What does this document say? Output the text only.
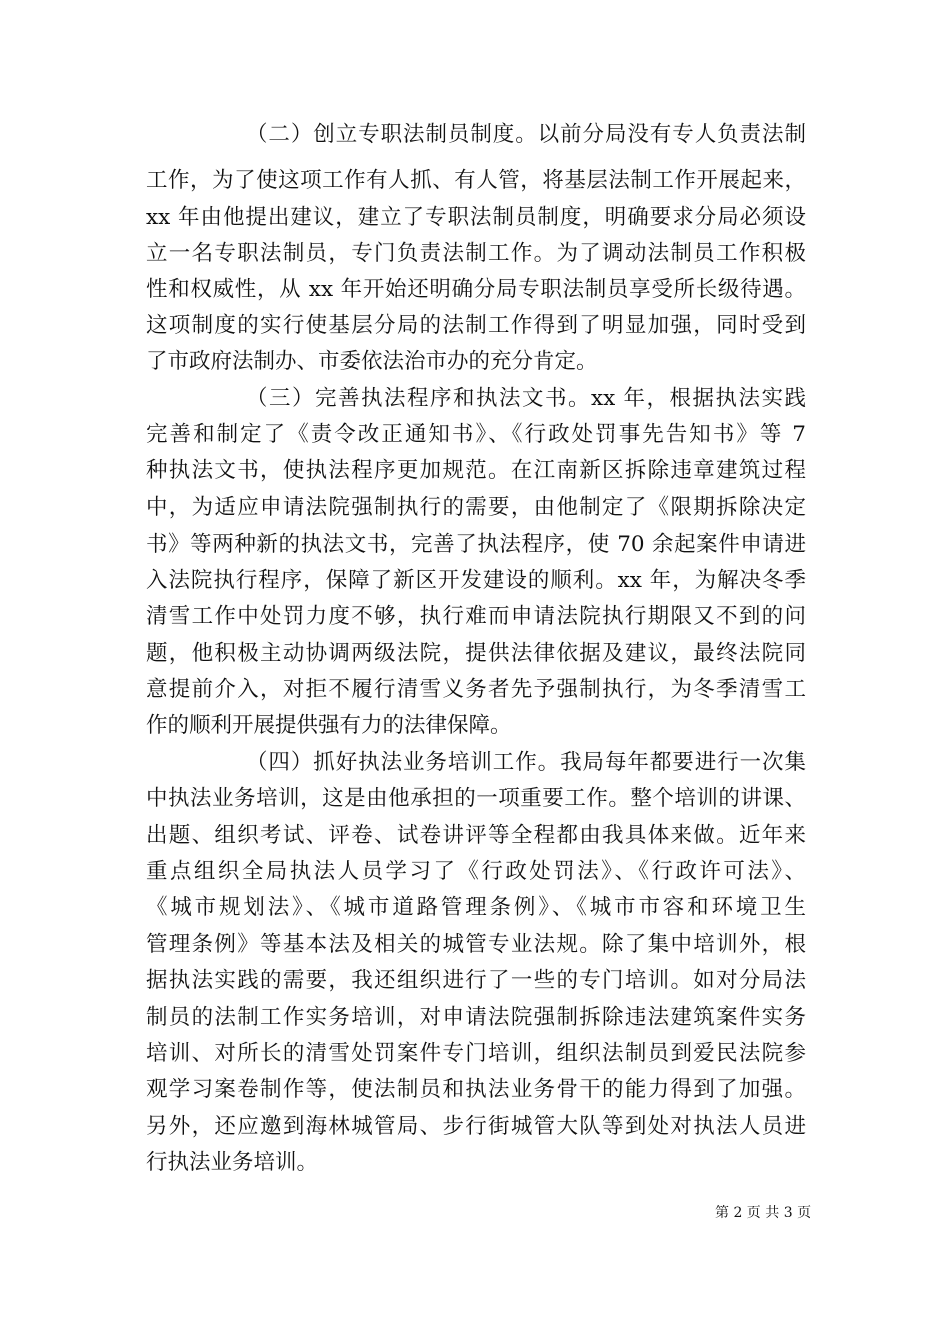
（二）创立专职法制员制度。以前分局没有专人负责法制
工作，为了使这项工作有人抓、有人管，将基层法制工作开展起来，
xx 年由他提出建议，建立了专职法制员制度，明确要求分局必须设
立一名专职法制员，专门负责法制工作。为了调动法制员工作积极
性和权威性，从 xx 年开始还明确分局专职法制员享受所长级待遇。
这项制度的实行使基层分局的法制工作得到了明显加强，同时受到
了市政府法制办、市委依法治市办的充分肯定。
（三）完善执法程序和执法文书。xx 年，根据执法实践
完善和制定了《责令改正通知书》、《行政处罚事先告知书》等 7
种执法文书，使执法程序更加规范。在江南新区拆除违章建筑过程
中，为适应申请法院强制执行的需要，由他制定了《限期拆除决定
书》等两种新的执法文书，完善了执法程序，使 70 余起案件申请进
入法院执行程序，保障了新区开发建设的顺利。xx 年，为解决冬季
清雪工作中处罚力度不够，执行难而申请法院执行期限又不到的问
题，他积极主动协调两级法院，提供法律依据及建议，最终法院同
意提前介入，对拒不履行清雪义务者先予强制执行，为冬季清雪工
作的顺利开展提供强有力的法律保障。
（四）抓好执法业务培训工作。我局每年都要进行一次集
中执法业务培训，这是由他承担的一项重要工作。整个培训的讲课、
出题、组织考试、评卷、试卷讲评等全程都由我具体来做。近年来
重点组织全局执法人员学习了《行政处罚法》、《行政许可法》、
《城市规划法》、《城市道路管理条例》、《城市市容和环境卫生
管理条例》等基本法及相关的城管专业法规。除了集中培训外，根
据执法实践的需要，我还组织进行了一些的专门培训。如对分局法
制员的法制工作实务培训，对申请法院强制拆除违法建筑案件实务
培训、对所长的清雪处罚案件专门培训，组织法制员到爱民法院参
观学习案卷制作等，使法制员和执法业务骨干的能力得到了加强。
另外，还应邀到海林城管局、步行街城管大队等到处对执法人员进
行执法业务培训。
第 2 页 共 3 页
